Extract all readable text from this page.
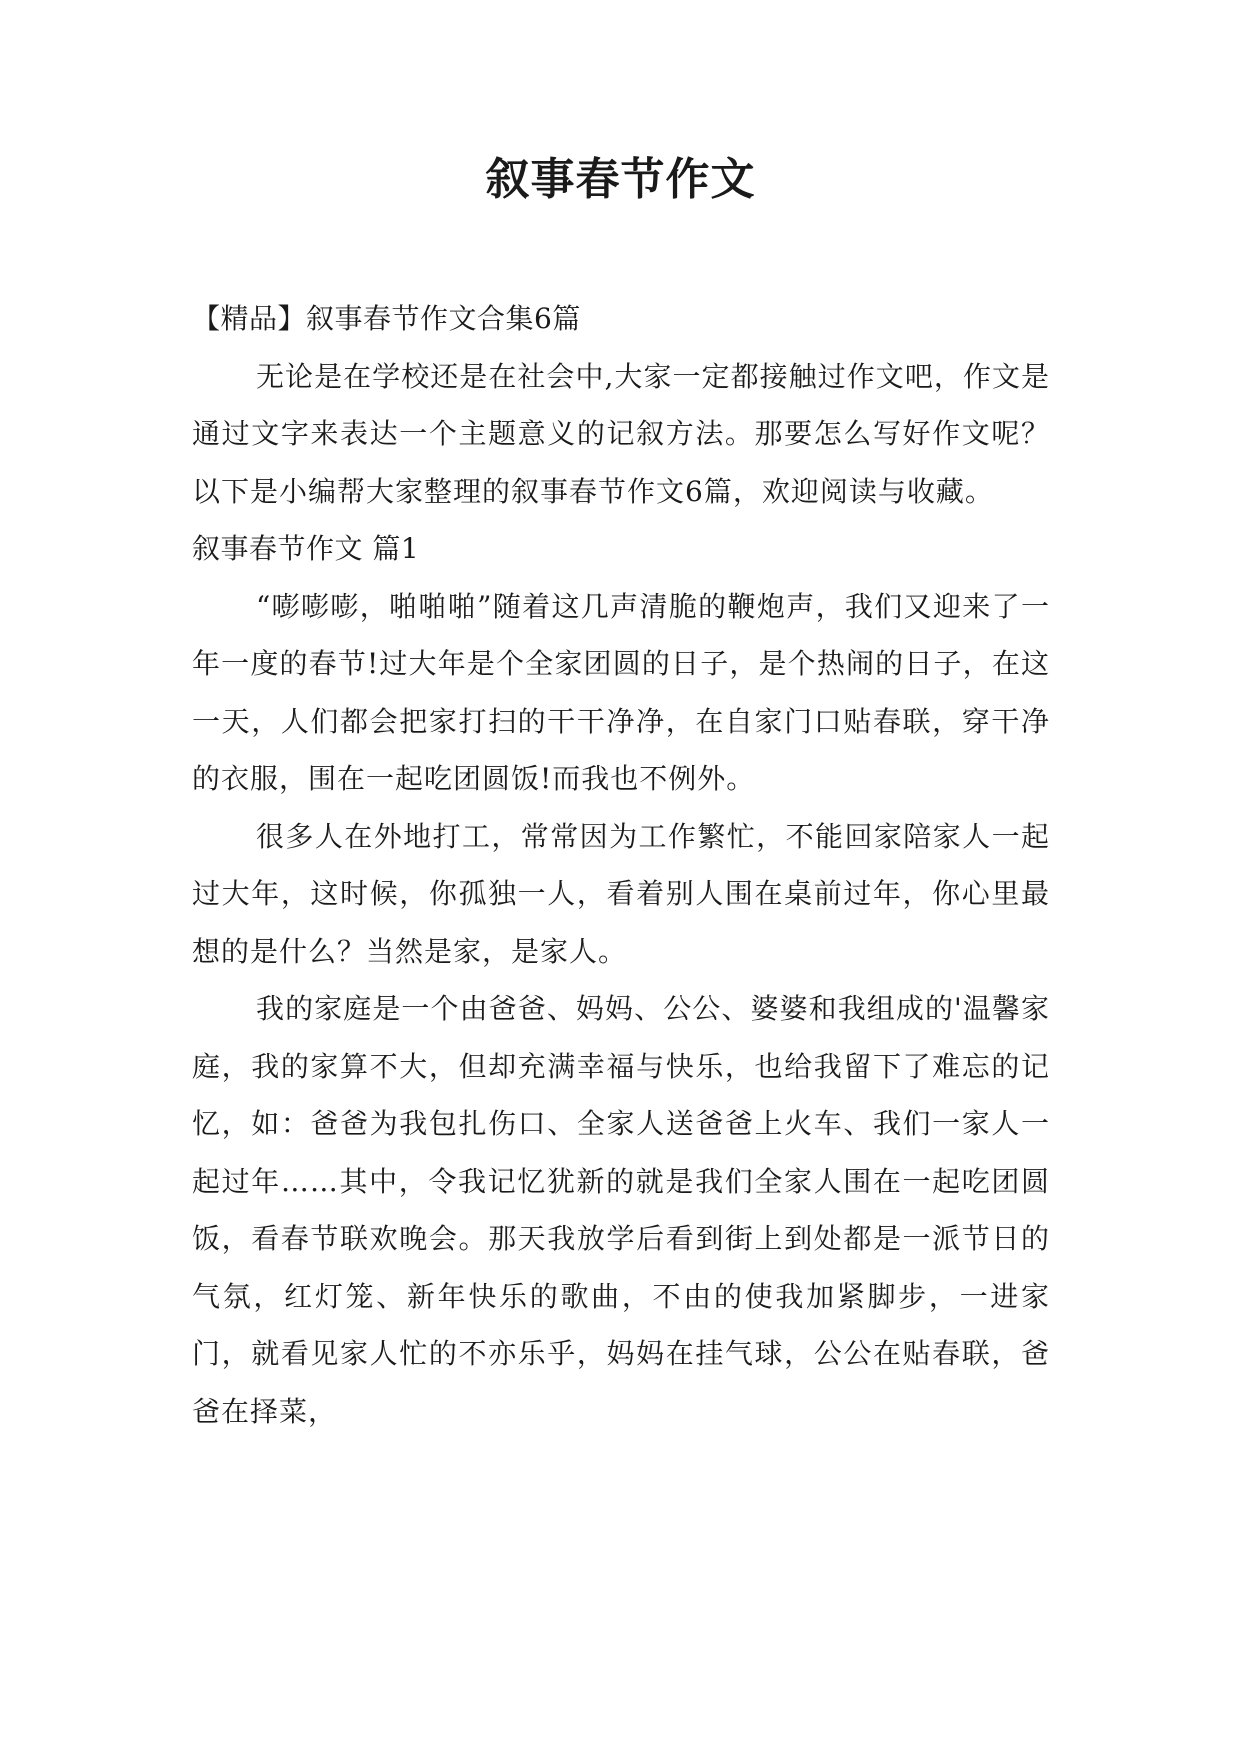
叙事春节作文

【精品】叙事春节作文合集6篇

无论是在学校还是在社会中,大家一定都接触过作文吧，作文是通过文字来表达一个主题意义的记叙方法。那要怎么写好作文呢？以下是小编帮大家整理的叙事春节作文6篇，欢迎阅读与收藏。

叙事春节作文 篇1

“嘭嘭嘭，啪啪啪”随着这几声清脆的鞭炮声，我们又迎来了一年一度的春节!过大年是个全家团圆的日子，是个热闹的日子，在这一天，人们都会把家打扫的干干净净，在自家门口贴春联，穿干净的衣服，围在一起吃团圆饭!而我也不例外。

很多人在外地打工，常常因为工作繁忙，不能回家陪家人一起过大年，这时候，你孤独一人，看着别人围在桌前过年，你心里最想的是什么？当然是家，是家人。

我的家庭是一个由爸爸、妈妈、公公、婆婆和我组成的'温馨家庭，我的家算不大，但却充满幸福与快乐，也给我留下了难忘的记忆，如：爸爸为我包扎伤口、全家人送爸爸上火车、我们一家人一起过年……其中，令我记忆犹新的就是我们全家人围在一起吃团圆饭，看春节联欢晚会。那天我放学后看到街上到处都是一派节日的气氛，红灯笼、新年快乐的歌曲，不由的使我加紧脚步，一进家门，就看见家人忙的不亦乐乎，妈妈在挂气球，公公在贴春联，爸爸在择菜，
